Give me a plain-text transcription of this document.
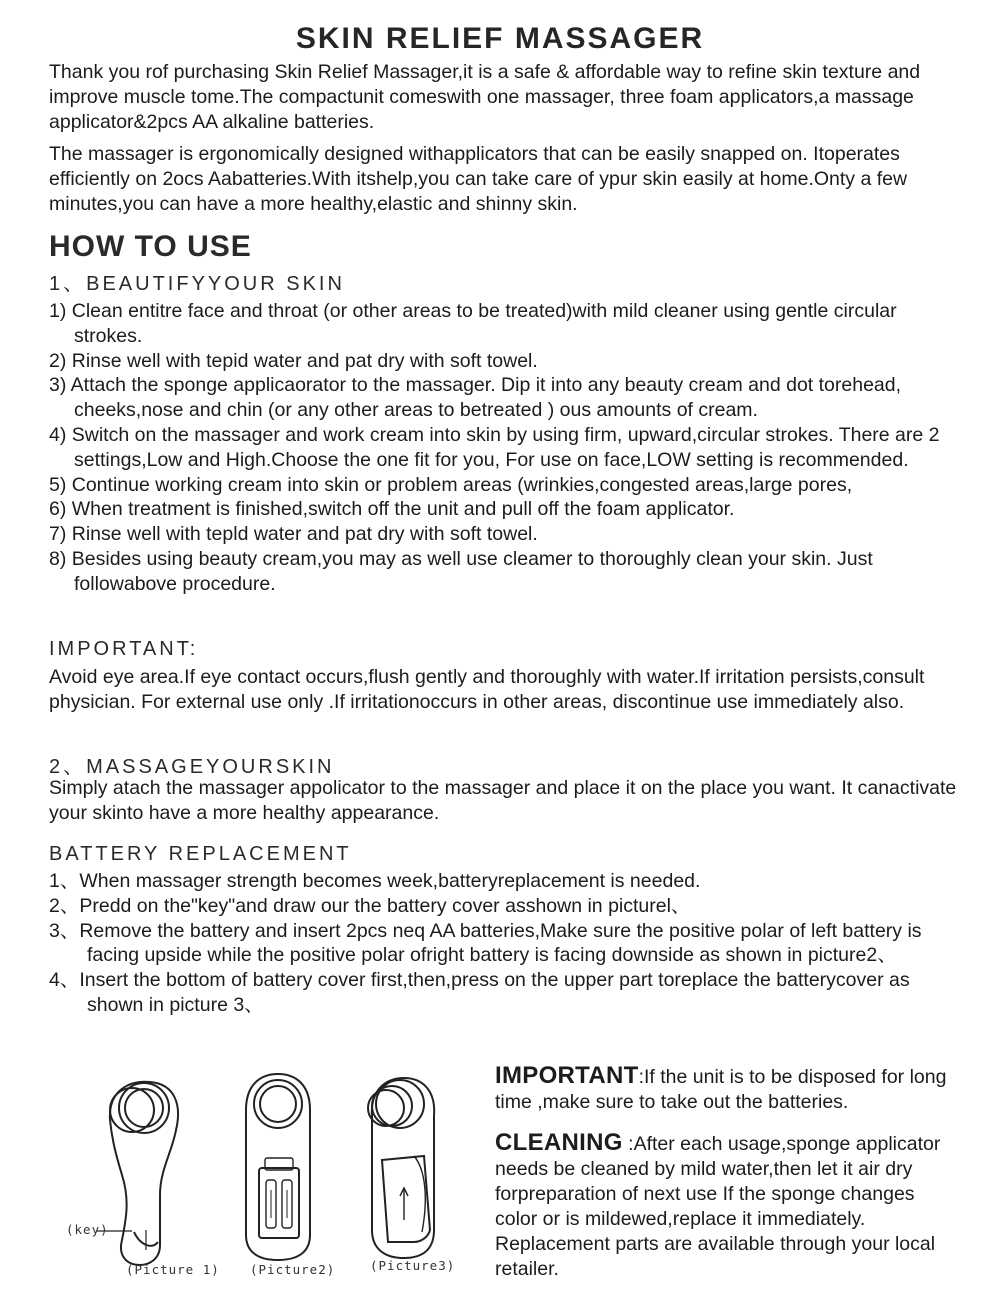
SKIN RELIEF MASSAGER

Thank you rof purchasing Skin Relief Massager,it is a safe & affordable way to refine skin texture and improve muscle tome.The compactunit comeswith one massager, three foam applicators,a massage applicator&2pcs AA alkaline batteries.

The massager is ergonomically designed withapplicators that can be easily snapped on. Itoperates efficiently on 2ocs Aabatteries.With itshelp,you can take care of ypur skin easily at home.Onty a few minutes,you can have a more healthy,elastic and shinny skin.

HOW TO USE
1、BEAUTIFYYOUR SKIN
1) Clean entitre face and throat (or other areas to be treated)with mild cleaner using gentle circular strokes.
2) Rinse well with tepid water and pat dry with soft towel.
3) Attach the sponge applicaorator to the massager. Dip it into any beauty cream and dot torehead, cheeks,nose and chin (or any other areas to betreated ) ous amounts of cream.
4) Switch on the massager and work cream into skin by using firm, upward,circular strokes. There are 2 settings,Low and High.Choose the one fit for you, For use on face,LOW setting is recommended.
5) Continue working cream into skin or problem areas (wrinkies,congested areas,large pores,
6) When treatment is finished,switch off the unit and pull off the foam applicator.
7) Rinse well with tepld water and pat dry with soft towel.
8) Besides using beauty cream,you may as well use cleamer to thoroughly clean your skin. Just followabove procedure.
IMPORTANT:

Avoid eye area.If eye contact occurs,flush gently and thoroughly with water.If irritation persists,consult physician. For external use only .If irritationoccurs in other areas, discontinue use immediately also.

2、MASSAGEYOURSKIN

Simply atach the massager appolicator to the massager and place it on the place you want. It canactivate your skinto have a more healthy appearance.

BATTERY REPLACEMENT
1、When massager strength becomes week,batteryreplacement is needed.
2、Predd on the"key"and draw our the battery cover asshown in picturel、
3、Remove the battery and insert 2pcs neq AA batteries,Make sure the positive polar of left battery is facing upside while the positive polar ofright battery is facing downside as shown in picture2、
4、Insert the bottom of battery cover first,then,press on the upper part toreplace the batterycover as shown in picture 3、

IMPORTANT:If the unit is to be disposed for long time ,make sure to take out the batteries.

CLEANING :After each usage,sponge applicator needs be cleaned by mild water,then let it air dry forpreparation of next use If the sponge changes color or is mildewed,replace it immediately. Replacement parts are available through your local retailer.

(key)
(Picture 1) (Picture2)	(Picture3)
